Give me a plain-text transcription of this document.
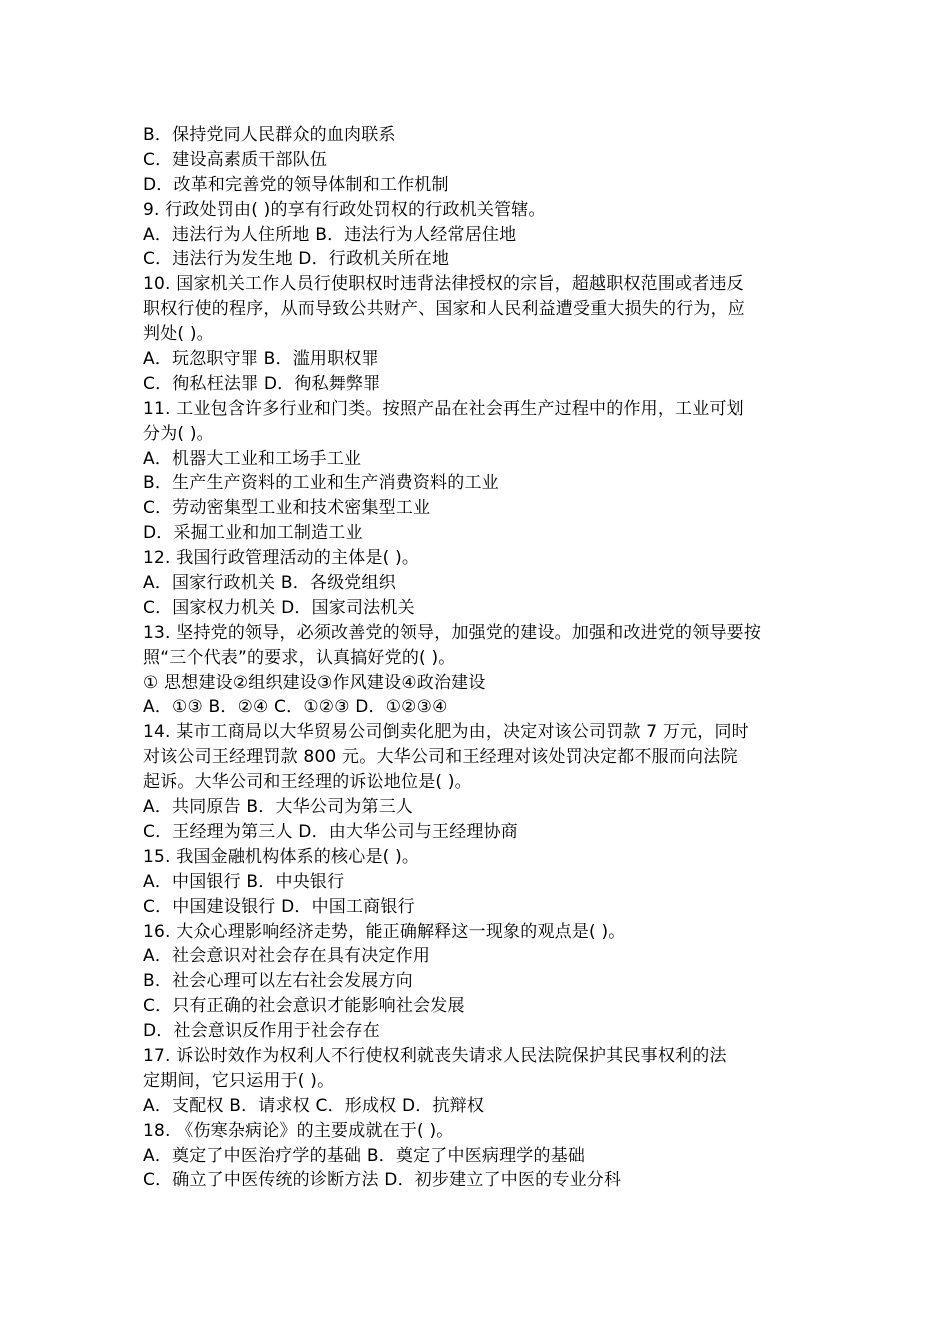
B．保持党同人民群众的血肉联系
C．建设高素质干部队伍
D．改革和完善党的领导体制和工作机制
9. 行政处罚由( )的享有行政处罚权的行政机关管辖。
A．违法行为人住所地 B．违法行为人经常居住地
C．违法行为发生地 D．行政机关所在地
10. 国家机关工作人员行使职权时违背法律授权的宗旨，超越职权范围或者违反
职权行使的程序，从而导致公共财产、国家和人民利益遭受重大损失的行为，应
判处( )。
A．玩忽职守罪 B．滥用职权罪
C．徇私枉法罪 D．徇私舞弊罪
11. 工业包含许多行业和门类。按照产品在社会再生产过程中的作用，工业可划
分为( )。
A．机器大工业和工场手工业
B．生产生产资料的工业和生产消费资料的工业
C．劳动密集型工业和技术密集型工业
D．采掘工业和加工制造工业
12. 我国行政管理活动的主体是( )。
A．国家行政机关 B．各级党组织
C．国家权力机关 D．国家司法机关
13. 坚持党的领导，必须改善党的领导，加强党的建设。加强和改进党的领导要按
照“三个代表”的要求，认真搞好党的( )。
① 思想建设②组织建设③作风建设④政治建设
A．①③ B．②④ C．①②③ D．①②③④
14. 某市工商局以大华贸易公司倒卖化肥为由，决定对该公司罚款 7 万元，同时
对该公司王经理罚款 800 元。大华公司和王经理对该处罚决定都不服而向法院
起诉。大华公司和王经理的诉讼地位是( )。
A．共同原告 B．大华公司为第三人
C．王经理为第三人 D．由大华公司与王经理协商
15. 我国金融机构体系的核心是( )。
A．中国银行 B．中央银行
C．中国建设银行 D．中国工商银行
16. 大众心理影响经济走势，能正确解释这一现象的观点是( )。
A．社会意识对社会存在具有决定作用
B．社会心理可以左右社会发展方向
C．只有正确的社会意识才能影响社会发展
D．社会意识反作用于社会存在
17. 诉讼时效作为权利人不行使权利就丧失请求人民法院保护其民事权利的法
定期间，它只运用于( )。
A．支配权 B．请求权 C．形成权 D．抗辩权
18. 《伤寒杂病论》的主要成就在于( )。
A．奠定了中医治疗学的基础 B．奠定了中医病理学的基础
C．确立了中医传统的诊断方法 D．初步建立了中医的专业分科
